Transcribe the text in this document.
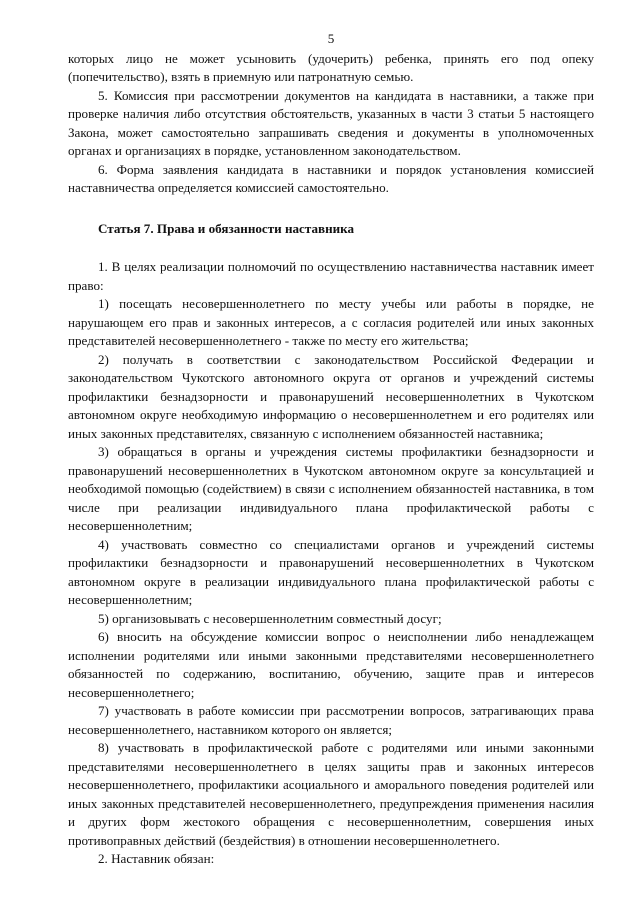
5

которых лицо не может усыновить (удочерить) ребенка, принять его под опеку (попечительство), взять в приемную или патронатную семью.

5. Комиссия при рассмотрении документов на кандидата в наставники, а также при проверке наличия либо отсутствия обстоятельств, указанных в части 3 статьи 5 настоящего Закона, может самостоятельно запрашивать сведения и документы в уполномоченных органах и организациях в порядке, установленном законодательством.

6. Форма заявления кандидата в наставники и порядок установления комиссией наставничества определяется комиссией самостоятельно.

Статья 7. Права и обязанности наставника

1. В целях реализации полномочий по осуществлению наставничества наставник имеет право:

1) посещать несовершеннолетнего по месту учебы или работы в порядке, не нарушающем его прав и законных интересов, а с согласия родителей или иных законных представителей несовершеннолетнего - также по месту его жительства;

2) получать в соответствии с законодательством Российской Федерации и законодательством Чукотского автономного округа от органов и учреждений системы профилактики безнадзорности и правонарушений несовершеннолетних в Чукотском автономном округе необходимую информацию о несовершеннолетнем и его родителях или иных законных представителях, связанную с исполнением обязанностей наставника;

3) обращаться в органы и учреждения системы профилактики безнадзорности и правонарушений несовершеннолетних в Чукотском автономном округе за консультацией и необходимой помощью (содействием) в связи с исполнением обязанностей наставника, в том числе при реализации индивидуального плана профилактической работы с несовершеннолетним;

4) участвовать совместно со специалистами органов и учреждений системы профилактики безнадзорности и правонарушений несовершеннолетних в Чукотском автономном округе в реализации индивидуального плана профилактической работы с несовершеннолетним;

5) организовывать с несовершеннолетним совместный досуг;

6) вносить на обсуждение комиссии вопрос о неисполнении либо ненадлежащем исполнении родителями или иными законными представителями несовершеннолетнего обязанностей по содержанию, воспитанию, обучению, защите прав и интересов несовершеннолетнего;

7) участвовать в работе комиссии при рассмотрении вопросов, затрагивающих права несовершеннолетнего, наставником которого он является;

8) участвовать в профилактической работе с родителями или иными законными представителями несовершеннолетнего в целях защиты прав и законных интересов несовершеннолетнего, профилактики асоциального и аморального поведения родителей или иных законных представителей несовершеннолетнего, предупреждения применения насилия и других форм жестокого обращения с несовершеннолетним, совершения иных противоправных действий (бездействия) в отношении несовершеннолетнего.

2. Наставник обязан:
